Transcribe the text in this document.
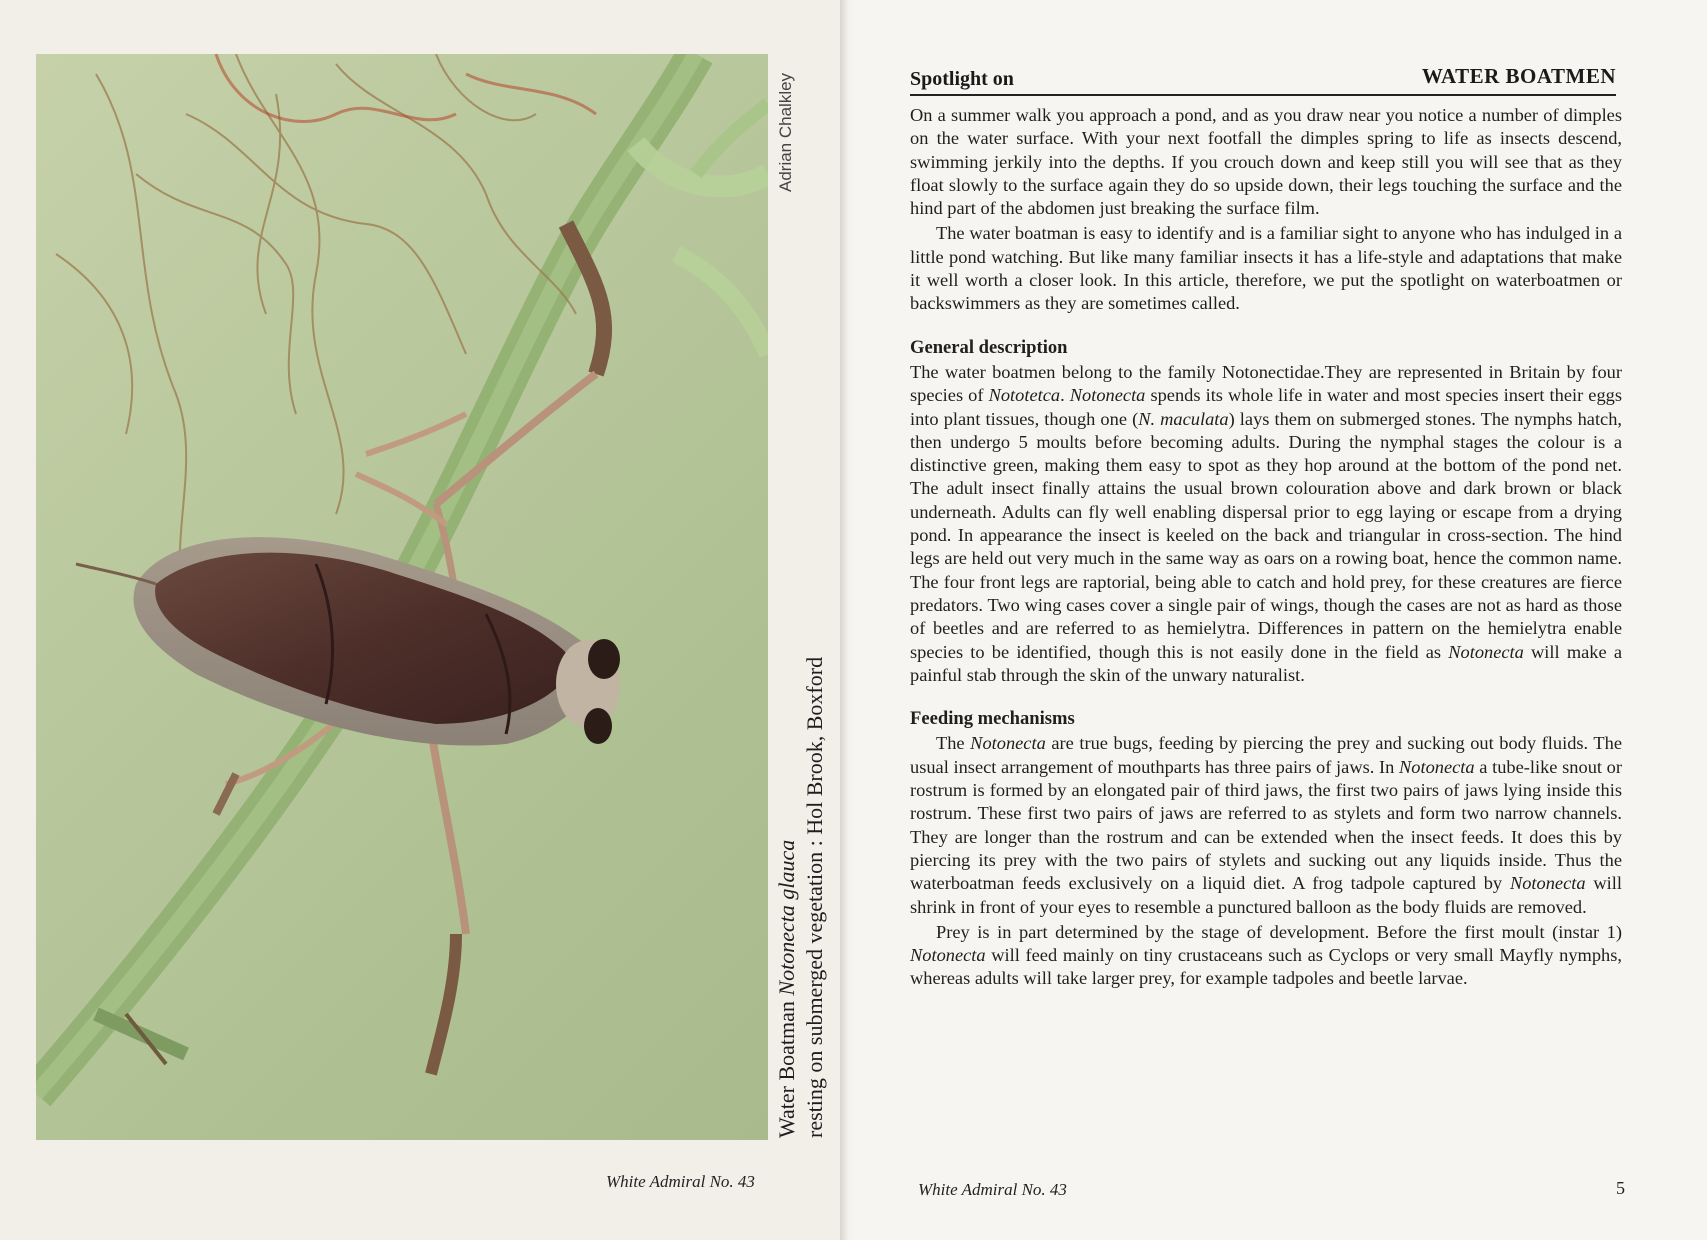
Adrian Chalkley
Water Boatman Notonecta glauca resting on submerged vegetation : Hol Brook, Boxford
White Admiral No. 43
Spotlight on	WATER BOATMEN

On a summer walk you approach a pond, and as you draw near you notice a number of dimples on the water surface. With your next footfall the dimples spring to life as insects descend, swimming jerkily into the depths. If you crouch down and keep still you will see that as they float slowly to the surface again they do so upside down, their legs touching the surface and the hind part of the abdomen just breaking the surface film.

The water boatman is easy to identify and is a familiar sight to anyone who has indulged in a little pond watching. But like many familiar insects it has a life-style and adaptations that make it well worth a closer look. In this article, therefore, we put the spotlight on waterboatmen or backswimmers as they are sometimes called.

General description

The water boatmen belong to the family Notonectidae.They are represented in Britain by four species of Nototetca. Notonecta spends its whole life in water and most species insert their eggs into plant tissues, though one (N. maculata) lays them on submerged stones. The nymphs hatch, then undergo 5 moults before becoming adults. During the nymphal stages the colour is a distinctive green, making them easy to spot as they hop around at the bottom of the pond net. The adult insect finally attains the usual brown colouration above and dark brown or black underneath. Adults can fly well enabling dispersal prior to egg laying or escape from a drying pond. In appearance the insect is keeled on the back and triangular in cross-section. The hind legs are held out very much in the same way as oars on a rowing boat, hence the common name. The four front legs are raptorial, being able to catch and hold prey, for these creatures are fierce predators. Two wing cases cover a single pair of wings, though the cases are not as hard as those of beetles and are referred to as hemielytra. Differences in pattern on the hemielytra enable species to be identified, though this is not easily done in the field as Notonecta will make a painful stab through the skin of the unwary naturalist.

Feeding mechanisms

The Notonecta are true bugs, feeding by piercing the prey and sucking out body fluids. The usual insect arrangement of mouthparts has three pairs of jaws. In Notonecta a tube-like snout or rostrum is formed by an elongated pair of third jaws, the first two pairs of jaws lying inside this rostrum. These first two pairs of jaws are referred to as stylets and form two narrow channels. They are longer than the rostrum and can be extended when the insect feeds. It does this by piercing its prey with the two pairs of stylets and sucking out any liquids inside. Thus the waterboatman feeds exclusively on a liquid diet. A frog tadpole captured by Notonecta will shrink in front of your eyes to resemble a punctured balloon as the body fluids are removed.

Prey is in part determined by the stage of development. Before the first moult (instar 1) Notonecta will feed mainly on tiny crustaceans such as Cyclops or very small Mayfly nymphs, whereas adults will take larger prey, for example tadpoles and beetle larvae.

White Admiral No. 43	5
